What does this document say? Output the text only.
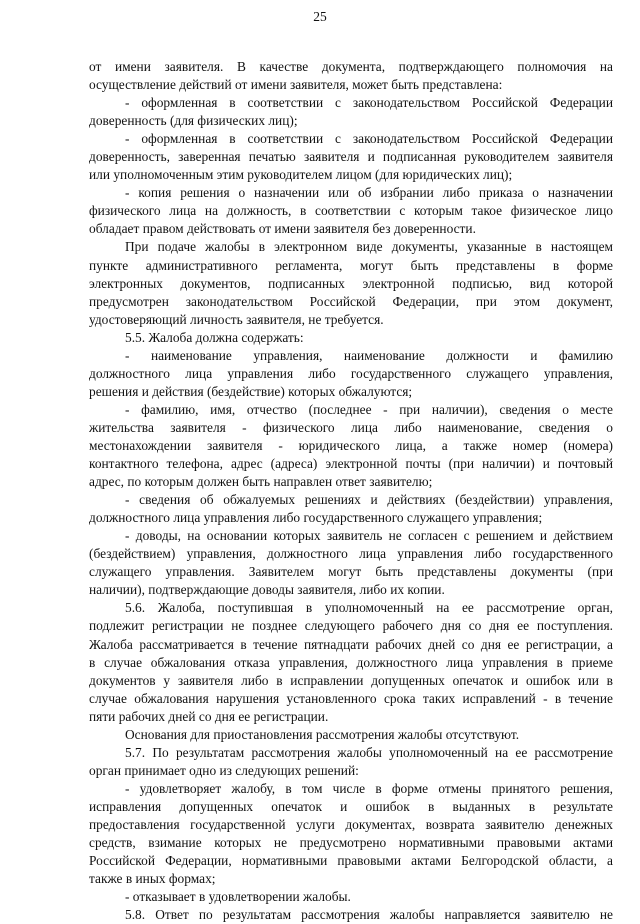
25
от имени заявителя. В качестве документа, подтверждающего полномочия на
осуществление действий от имени заявителя, может быть представлена:
- оформленная в соответствии с законодательством Российской Федерации
доверенность (для физических лиц);
- оформленная в соответствии с законодательством Российской Федерации
доверенность, заверенная печатью заявителя и подписанная руководителем заявителя
или уполномоченным этим руководителем лицом (для юридических лиц);
- копия решения о назначении или об избрании либо приказа о назначении
физического лица на должность, в соответствии с которым такое физическое лицо
обладает правом действовать от имени заявителя без доверенности.
При подаче жалобы в электронном виде документы, указанные в настоящем
пункте административного регламента, могут быть представлены в форме
электронных документов, подписанных электронной подписью, вид которой
предусмотрен законодательством Российской Федерации, при этом документ,
удостоверяющий личность заявителя, не требуется.
5.5. Жалоба должна содержать:
- наименование управления, наименование должности и фамилию
должностного лица управления либо государственного служащего управления,
решения и действия (бездействие) которых обжалуются;
- фамилию, имя, отчество (последнее - при наличии), сведения о месте
жительства заявителя - физического лица либо наименование, сведения о
местонахождении заявителя - юридического лица, а также номер (номера)
контактного телефона, адрес (адреса) электронной почты (при наличии) и почтовый
адрес, по которым должен быть направлен ответ заявителю;
- сведения об обжалуемых решениях и действиях (бездействии) управления,
должностного лица управления либо государственного служащего управления;
- доводы, на основании которых заявитель не согласен с решением и действием
(бездействием) управления, должностного лица управления либо государственного
служащего управления. Заявителем могут быть представлены документы (при
наличии), подтверждающие доводы заявителя, либо их копии.
5.6. Жалоба, поступившая в уполномоченный на ее рассмотрение орган,
подлежит регистрации не позднее следующего рабочего дня со дня ее поступления.
Жалоба рассматривается в течение пятнадцати рабочих дней со дня ее регистрации, а
в случае обжалования отказа управления, должностного лица управления в приеме
документов у заявителя либо в исправлении допущенных опечаток и ошибок или в
случае обжалования нарушения установленного срока таких исправлений - в течение
пяти рабочих дней со дня ее регистрации.
Основания для приостановления рассмотрения жалобы отсутствуют.
5.7. По результатам рассмотрения жалобы уполномоченный на ее рассмотрение
орган принимает одно из следующих решений:
- удовлетворяет жалобу, в том числе в форме отмены принятого решения,
исправления допущенных опечаток и ошибок в выданных в результате
предоставления государственной услуги документах, возврата заявителю денежных
средств, взимание которых не предусмотрено нормативными правовыми актами
Российской Федерации, нормативными правовыми актами Белгородской области, а
также в иных формах;
- отказывает в удовлетворении жалобы.
5.8. Ответ по результатам рассмотрения жалобы направляется заявителю не
